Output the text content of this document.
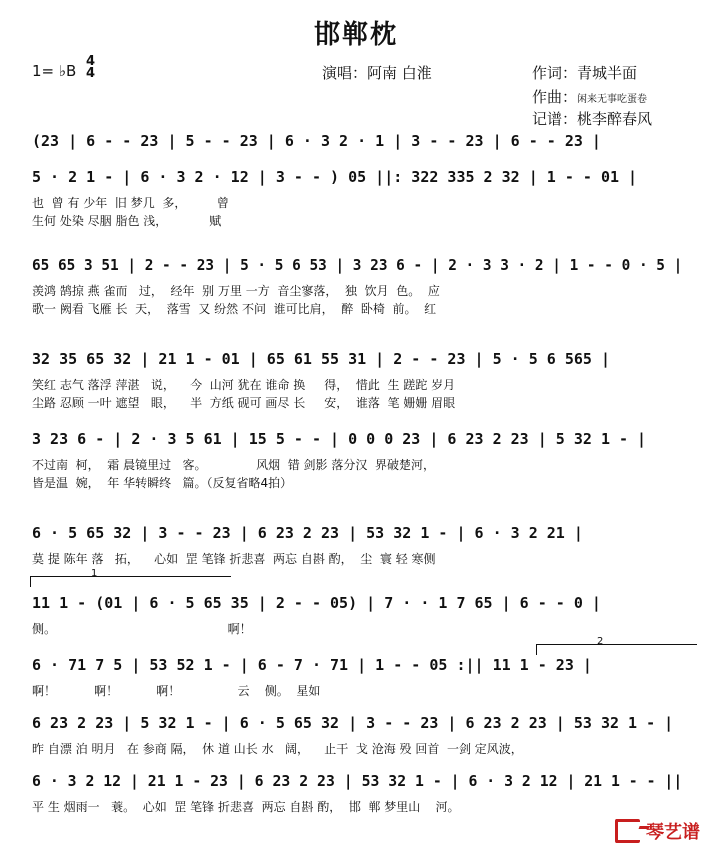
邯郸枕
1= ♭B
4
4	演唱：阿南 白淮	作词：青城半面
作曲：闲来无事吃蛋卷
记谱：桃李醉春风
(23 | 6 - - 23 | 5 - - 23 | 6 · 3 2 · 1 | 3 - - 23 | 6 - - 23 |
5 · 2 1 - | 6 · 3 2 · 12 | 3 - - ) 05 ||: 322 335 2 32 | 1 - - 01 |
也  曾 有 少年  旧 梦几  多，        曾
生何 处染 尽胭 脂色 浅，           赋
65 65 3 51 | 2 - - 23 | 5 · 5 6 53 | 3 23 6 - | 2 · 3 3 · 2 | 1 - - 0 · 5 |
羡鸿 鹄掠 燕 雀而   过，  经年  别 万里 一方  音尘寥落，  独  饮月  色。  应
歌一 阙看 飞雁 长  天，  落雪  又 纷然 不问  谁可比肩，  醉  卧椅  前。  红
32 35 65 32 | 21 1 - 01 | 65 61 55 31 | 2 - - 23 | 5 · 5 6 565 |
笑红 志气 落浮 萍湛   说，    今  山河 犹在 谁命 换     得，  惜此  生 蹉跎 岁月
尘路 忍顾 一叶 遮望   眼，    半  方纸 砚可 画尽 长     安，  谁落  笔 姗姗 眉眼
3 23 6 - | 2 · 3 5 61 | 15 5 - - | 0 0 0 23 | 6 23 2 23 | 5 32 1 - |
不过南  柯，  霜 晨镜里过   客。             风烟  错 剑影 落分汉  界破楚河，
皆是温  婉，  年 华转瞬终   篇。（反复省略4拍）
6 · 5 65 32 | 3 - - 23 | 6 23 2 23 | 53 32 1 - | 6 · 3 2 21 |
莫 提 陈年 落   拓，    心如  罡 笔锋 折悲喜  两忘 自斟 酌，  尘  寰 轻 寒侧
11 1 - (01 | 6 · 5 65 35 | 2 - - 05) | 7 · · 1 7 65 | 6 - - 0 |
侧。                                             啊！
6 · 71 7 5 | 53 52 1 - | 6 - 7 · 71 | 1 - - 05 :|| 11 1 - 23 |
啊！          啊！          啊！               云    侧。  星如
6 23 2 23 | 5 32 1 - | 6 · 5 65 32 | 3 - - 23 | 6 23 2 23 | 53 32 1 - |
昨 自漂 泊 明月   在 参商 隔，  休 道 山长 水   阔，    止干  戈 沧海 殁 回首  一剑 定风波，
6 · 3 2 12 | 21 1 - 23 | 6 23 2 23 | 53 32 1 - | 6 · 3 2 12 | 21 1 - - ||
平 生 烟雨一   蓑。  心如  罡 笔锋 折悲喜  两忘 自斟 酌，  邯  郸 梦里山    河。
1
2
琴艺谱
